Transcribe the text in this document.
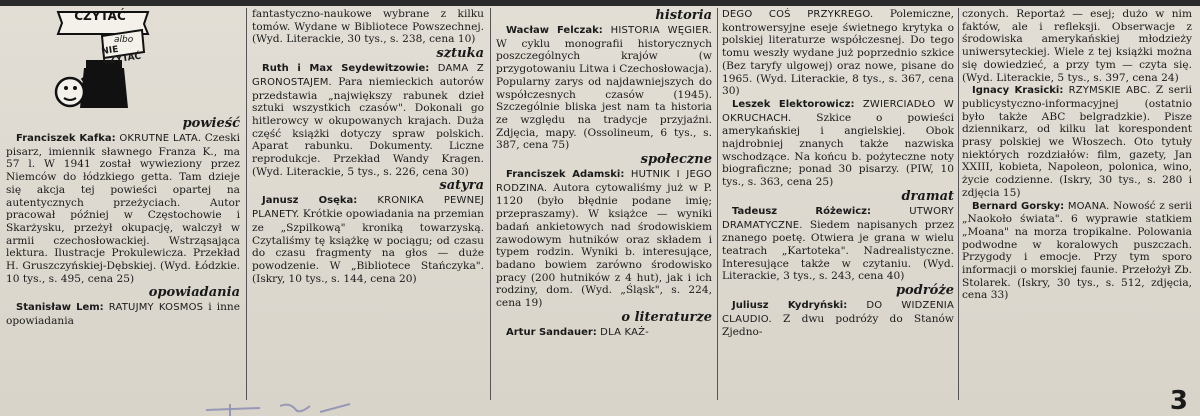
CZYTAĆ
albo
NIE CZYTAĆ
powieść
Franciszek Kafka: OKRUTNE LATA. Czeski pisarz, imiennik sławnego Franza K., ma 57 l. W 1941 został wywieziony przez Niemców do łódzkiego getta. Tam dzieje się akcja tej powieści opartej na autentycznych przeżyciach. Autor pracował później w Częstochowie i Skarżysku, przeżył okupację, walczył w armii czechosłowackiej. Wstrząsająca lektura. Ilustracje Prokulewicza. Przekład H. Gruszczyńskiej-Dębskiej. (Wyd. Łódzkie. 10 tys., s. 495, cena 25)
opowiadania
Stanisław Lem: RATUJMY KOSMOS i inne opowiadania
fantastyczno-naukowe wybrane z kilku tomów. Wydane w Bibliotece Powszechnej. (Wyd. Literackie, 30 tys., s. 238, cena 10)
sztuka
Ruth i Max Seydewitzowie: DAMA Z GRONOSTAJEM. Para niemieckich autorów przedstawia „największy rabunek dzieł sztuki wszystkich czasów". Dokonali go hitlerowcy w okupowanych krajach. Duża część książki dotyczy spraw polskich. Aparat rabunku. Dokumenty. Liczne reprodukcje. Przekład Wandy Kragen. (Wyd. Literackie, 5 tys., s. 226, cena 30)
satyra
Janusz Osęka: KRONIKA PEWNEJ PLANETY. Krótkie opowiadania na przemian ze „Szpilkową" kroniką towarzyską. Czytaliśmy tę książkę w pociągu; od czasu do czasu fragmenty na głos — duże powodzenie. W „Bibliotece Stańczyka". (Iskry, 10 tys., s. 144, cena 20)
historia
Wacław Felczak: HISTORIA WĘGIER. W cyklu monografii historycznych poszczególnych krajów (w przygotowaniu Litwa i Czechosłowacja). Popularny zarys od najdawniejszych do współczesnych czasów (1945). Szczególnie bliska jest nam ta historia ze względu na tradycje przyjaźni. Zdjęcia, mapy. (Ossolineum, 6 tys., s. 387, cena 75)
społeczne
Franciszek Adamski: HUTNIK I JEGO RODZINA. Autora cytowaliśmy już w P. 1120 (było błędnie podane imię; przepraszamy). W książce — wyniki badań ankietowych nad środowiskiem zawodowym hutników oraz składem i typem rodzin. Wyniki b. interesujące, badano bowiem zarówno środowisko pracy (200 hutników z 4 hut), jak i ich rodziny, dom. (Wyd. „Śląsk", s. 224, cena 19)
o literaturze
Artur Sandauer: DLA KAŻ-
DEGO COŚ PRZYKREGO. Polemiczne, kontrowersyjne eseje świetnego krytyka o polskiej literaturze współczesnej. Do tego tomu weszły wydane już poprzednio szkice (Bez taryfy ulgowej) oraz nowe, pisane do 1965. (Wyd. Literackie, 8 tys., s. 367, cena 30)
Leszek Elektorowicz: ZWIERCIADŁO W OKRUCHACH. Szkice o powieści amerykańskiej i angielskiej. Obok najdrobniej znanych także nazwiska wschodzące. Na końcu b. pożyteczne noty biograficzne; ponad 30 pisarzy. (PIW, 10 tys., s. 363, cena 25)
dramat
Tadeusz Różewicz:	UTWORY DRAMATYCZNE. Siedem napisanych przez znanego poetę. Otwiera je grana w wielu teatrach „Kartoteka". Nadrealistyczne. Interesujące także w czytaniu. (Wyd. Literackie, 3 tys., s. 243, cena 40)
podróże
Juliusz Kydryński: DO WIDZENIA CLAUDIO. Z dwu podróży do Stanów Zjedno-
czonych. Reportaż — esej; dużo w nim faktów, ale i refleksji. Obserwacje z środowiska amerykańskiej młodzieży uniwersyteckiej. Wiele z tej książki można się dowiedzieć, a przy tym — czyta się. (Wyd. Literackie, 5 tys., s. 397, cena 24)
Ignacy Krasicki: RZYMSKIE ABC. Z serii publicystyczno-informacyjnej (ostatnio było także ABC belgradzkie). Pisze dziennikarz, od kilku lat korespondent prasy polskiej we Włoszech. Oto tytuły niektórych rozdziałów: film, gazety, Jan XXIII, kobieta, Napoleon, polonica, wino, życie codzienne. (Iskry, 30 tys., s. 280 i zdjęcia 15)
Bernard Gorsky: MOANA. Nowość z serii „Naokoło świata". 6 wyprawie statkiem „Moana" na morza tropikalne. Polowania podwodne w koralowych puszczach. Przygody i emocje. Przy tym sporo informacji o morskiej faunie. Przełożył Zb. Stolarek. (Iskry, 30 tys., s. 512, zdjęcia, cena 33)
3
